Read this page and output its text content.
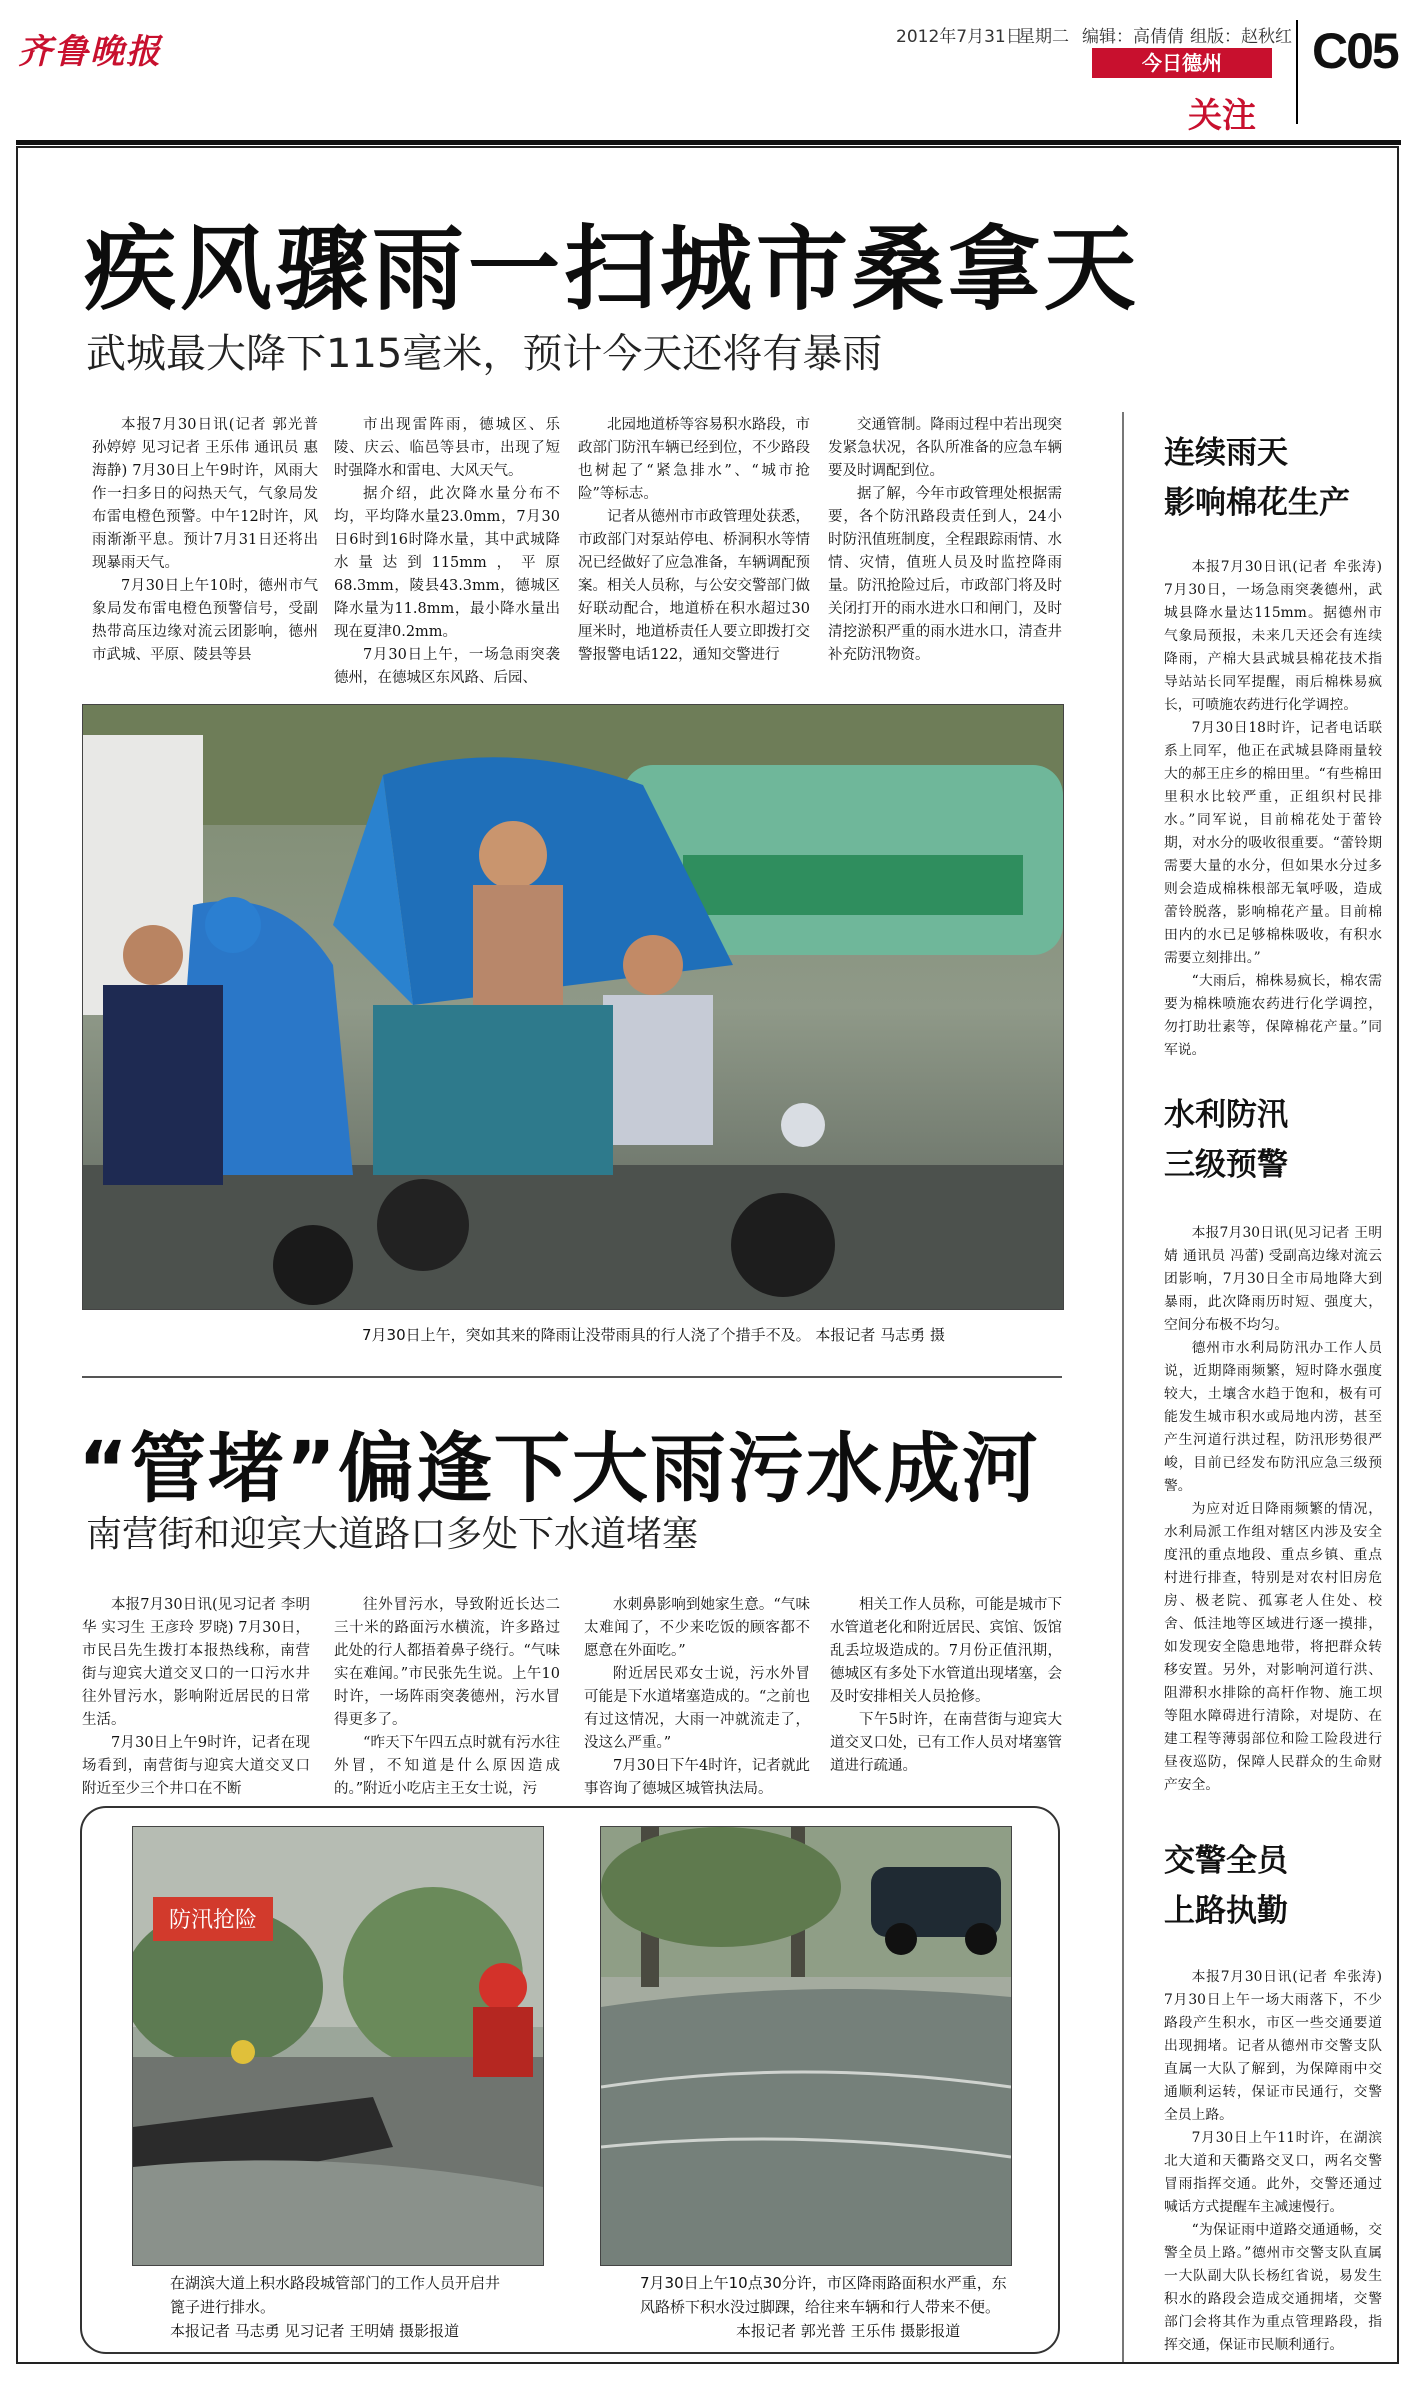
齐鲁晚报	2012年7月31日
星期二 编辑：高倩倩 组版：赵秋红
今日德州
关注
C05
疾风骤雨一扫城市桑拿天
武城最大降下115毫米，预计今天还将有暴雨

本报7月30日讯(记者 郭光普 孙婷婷 见习记者 王乐伟 通讯员 惠海静) 7月30日上午9时许，风雨大作一扫多日的闷热天气，气象局发布雷电橙色预警。中午12时许，风雨渐渐平息。预计7月31日还将出现暴雨天气。

7月30日上午10时，德州市气象局发布雷电橙色预警信号，受副热带高压边缘对流云团影响，德州市武城、平原、陵县等县

市出现雷阵雨，德城区、乐陵、庆云、临邑等县市，出现了短时强降水和雷电、大风天气。

据介绍，此次降水量分布不均，平均降水量23.0mm，7月30日6时到16时降水量，其中武城降水量达到115mm，平原68.3mm，陵县43.3mm，德城区降水量为11.8mm，最小降水量出现在夏津0.2mm。

7月30日上午，一场急雨突袭德州，在德城区东风路、后园、

北园地道桥等容易积水路段，市政部门防汛车辆已经到位，不少路段也树起了“紧急排水”、“城市抢险”等标志。

记者从德州市市政管理处获悉，市政部门对泵站停电、桥洞积水等情况已经做好了应急准备，车辆调配预案。相关人员称，与公安交警部门做好联动配合，地道桥在积水超过30厘米时，地道桥责任人要立即拨打交警报警电话122，通知交警进行

交通管制。降雨过程中若出现突发紧急状况，各队所准备的应急车辆要及时调配到位。

据了解，今年市政管理处根据需要，各个防汛路段责任到人，24小时防汛值班制度，全程跟踪雨情、水情、灾情，值班人员及时监控降雨量。防汛抢险过后，市政部门将及时关闭打开的雨水进水口和闸门，及时清挖淤积严重的雨水进水口，清查井补充防汛物资。

7月30日上午，突如其来的降雨让没带雨具的行人浇了个措手不及。 本报记者 马志勇 摄
“管堵”偏逢下大雨污水成河
南营街和迎宾大道路口多处下水道堵塞

本报7月30日讯(见习记者 李明华 实习生 王彦玲 罗晓) 7月30日，市民吕先生拨打本报热线称，南营街与迎宾大道交叉口的一口污水井往外冒污水，影响附近居民的日常生活。

7月30日上午9时许，记者在现场看到，南营街与迎宾大道交叉口附近至少三个井口在不断

往外冒污水，导致附近长达二三十米的路面污水横流，许多路过此处的行人都捂着鼻子绕行。“气味实在难闻。”市民张先生说。上午10时许，一场阵雨突袭德州，污水冒得更多了。

“昨天下午四五点时就有污水往外冒，不知道是什么原因造成的。”附近小吃店主王女士说，污

水刺鼻影响到她家生意。“气味太难闻了，不少来吃饭的顾客都不愿意在外面吃。”

附近居民邓女士说，污水外冒可能是下水道堵塞造成的。“之前也有过这情况，大雨一冲就流走了，没这么严重。”

7月30日下午4时许，记者就此事咨询了德城区城管执法局。

相关工作人员称，可能是城市下水管道老化和附近居民、宾馆、饭馆乱丢垃圾造成的。7月份正值汛期，德城区有多处下水管道出现堵塞，会及时安排相关人员抢修。

下午5时许，在南营街与迎宾大道交叉口处，已有工作人员对堵塞管道进行疏通。

防汛抢险
在湖滨大道上积水路段城管部门的工作人员开启井
篦子进行排水。
本报记者 马志勇 见习记者 王明婧 摄影报道
7月30日上午10点30分许，市区降雨路面积水严重，东
风路桥下积水没过脚踝，给往来车辆和行人带来不便。
本报记者 郭光普 王乐伟 摄影报道
连续雨天
影响棉花生产

本报7月30日讯(记者 牟张涛) 7月30日，一场急雨突袭德州，武城县降水量达115mm。据德州市气象局预报，未来几天还会有连续降雨，产棉大县武城县棉花技术指导站站长同军提醒，雨后棉株易疯长，可喷施农药进行化学调控。

7月30日18时许，记者电话联系上同军，他正在武城县降雨量较大的郝王庄乡的棉田里。“有些棉田里积水比较严重，正组织村民排水。”同军说，目前棉花处于蕾铃期，对水分的吸收很重要。“蕾铃期需要大量的水分，但如果水分过多则会造成棉株根部无氧呼吸，造成蕾铃脱落，影响棉花产量。目前棉田内的水已足够棉株吸收，有积水需要立刻排出。”

“大雨后，棉株易疯长，棉农需要为棉株喷施农药进行化学调控，勿打助壮素等，保障棉花产量。”同军说。

水利防汛
三级预警

本报7月30日讯(见习记者 王明婧 通讯员 冯蕾) 受副高边缘对流云团影响，7月30日全市局地降大到暴雨，此次降雨历时短、强度大，空间分布极不均匀。

德州市水利局防汛办工作人员说，近期降雨频繁，短时降水强度较大，土壤含水趋于饱和，极有可能发生城市积水或局地内涝，甚至产生河道行洪过程，防汛形势很严峻，目前已经发布防汛应急三级预警。

为应对近日降雨频繁的情况，水利局派工作组对辖区内涉及安全度汛的重点地段、重点乡镇、重点村进行排查，特别是对农村旧房危房、极老院、孤寡老人住处、校舍、低洼地等区域进行逐一摸排，如发现安全隐患地带，将把群众转移安置。另外，对影响河道行洪、阻滞积水排除的高杆作物、施工坝等阻水障碍进行清除，对堤防、在建工程等薄弱部位和险工险段进行昼夜巡防，保障人民群众的生命财产安全。

交警全员
上路执勤

本报7月30日讯(记者 牟张涛) 7月30日上午一场大雨落下，不少路段产生积水，市区一些交通要道出现拥堵。记者从德州市交警支队直属一大队了解到，为保障雨中交通顺利运转，保证市民通行，交警全员上路。

7月30日上午11时许，在湖滨北大道和天衢路交叉口，两名交警冒雨指挥交通。此外，交警还通过喊话方式提醒车主减速慢行。

“为保证雨中道路交通通畅，交警全员上路。”德州市交警支队直属一大队副大队长杨红省说，易发生积水的路段会造成交通拥堵，交警部门会将其作为重点管理路段，指挥交通，保证市民顺利通行。
